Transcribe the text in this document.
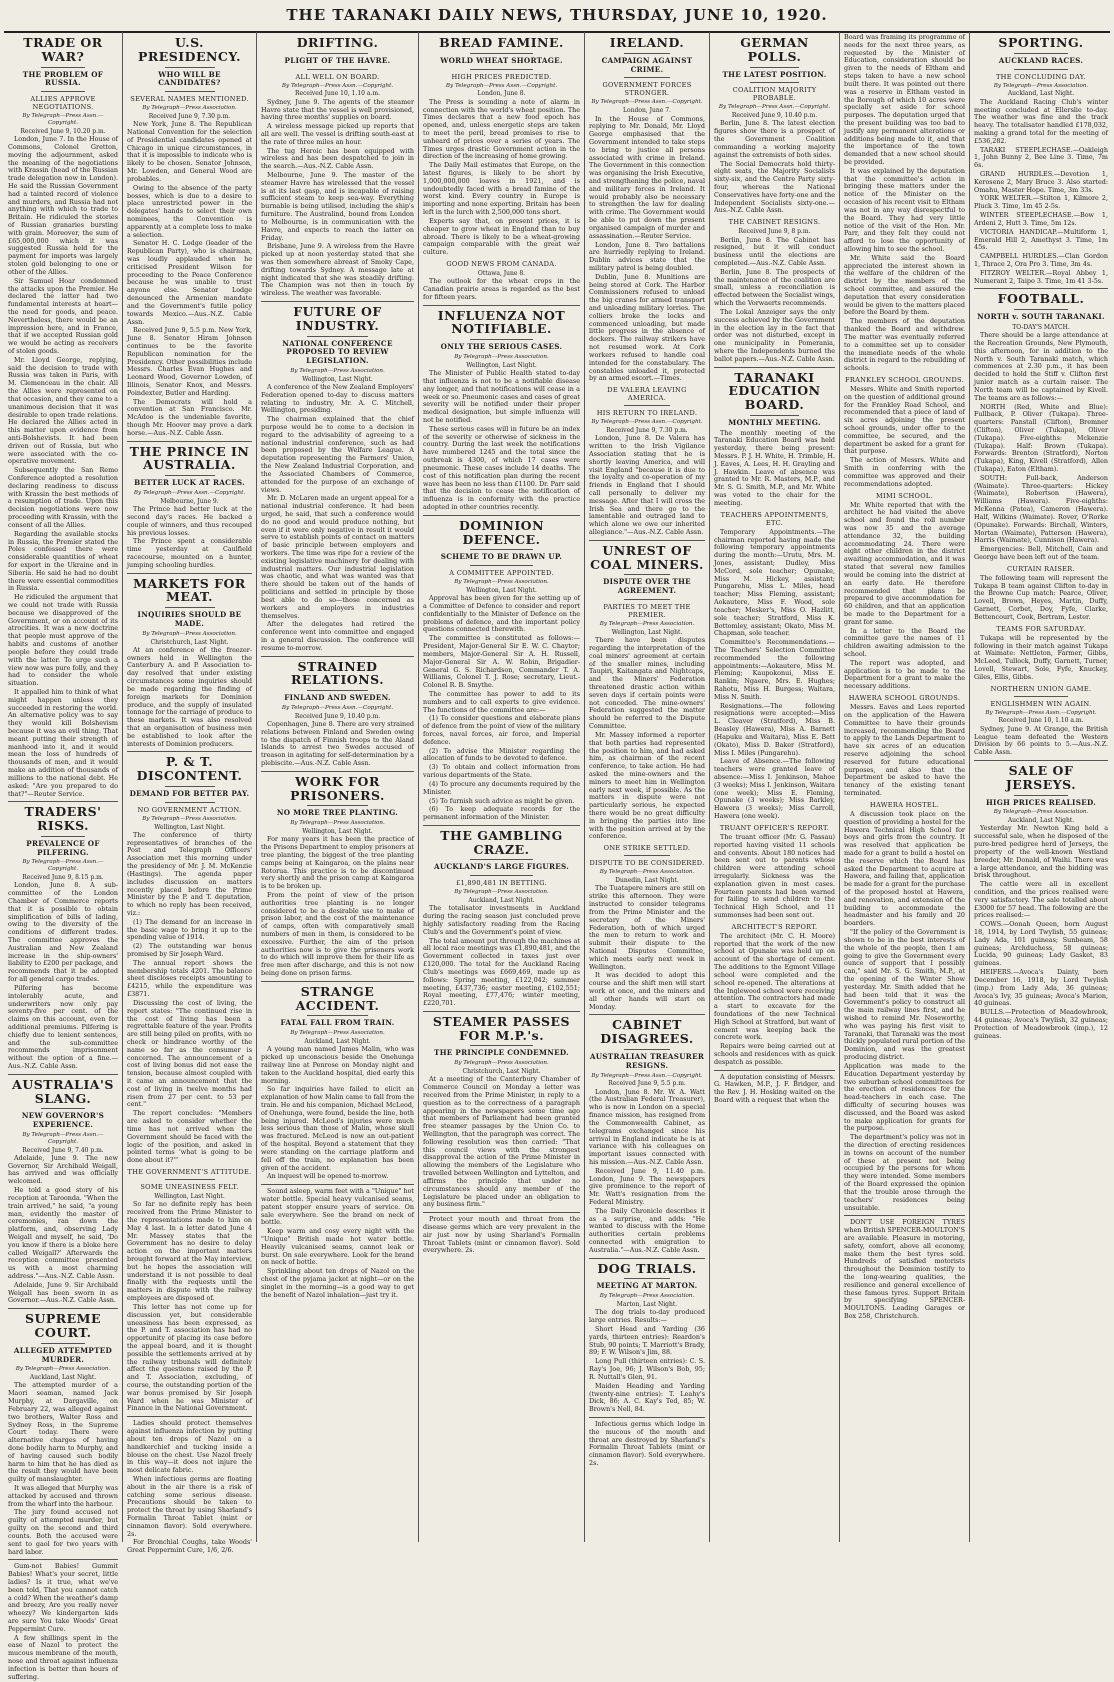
THE TARANAKI DAILY NEWS, THURSDAY, JUNE 10, 1920.
TRADE OR WAR?
THE PROBLEM OF RUSSIA.
ALLIES APPROVE NEGOTIATIONS.
By Telegraph—Press Assn.—Copyright.
Received June 9, 10.20 p.m.

London, June 7. In the House of Commons, Colonel Gretton, moving the adjournment, asked the meaning of the negotiations with Krassin (head of the Russian trade delegation now in London). He said the Russian Government had a tainted record of violence and murders, and Russia had not anything with which to trade to Britain. He ridiculed the stories of Russian granaries bursting with grain. Moreover, the sum of £65,000,000 which it was suggested Russia held for the payment for imports was largely stolen gold belonging to one or other of the Allies.

Sir Samuel Hoar condemned the attacks upon the Premier. He declared the latter had two fundamental interests at heart—the need for goods, and peace. Nevertheless, there would be an impression here, and in France, that if we accepted Russian gold we would be acting as receivers of stolen goods.

Mr. Lloyd George, replying, said the decision to trade with Russia was taken in Paris, with M. Clemenceau in the chair. All the Allies were represented on that occasion, and they came to a unanimous decision that it was desirable to open trade relations. He declared the Allies acted in this matter upon evidence from anti-Bolshevists. It had been driven out of Russia, but who were associated with the co-operative movement.

Subsequently the San Remo Conference adopted a resolution declaring readiness to discuss with Krassin the best methods of a resumption of trade. Upon this decision negotiations were now proceeding with Krassin, with the consent of all the Allies.

Regarding the available stocks in Russia, the Premier stated the Poles confessed there were considerable quantities of wheat for export in the Ukraine and in Siberia. He said he had no doubt there were essential commodities in Russia.

He ridiculed the argument that we could not trade with Russia because we disapproved of the Government, or on account of its atrocities. It was a new doctrine that people must approve of the habits and customs of another people before they could trade with the latter. To urge such a view now was pure folly, and they had to consider the whole situation.

It appalled him to think of what might happen unless they succeeded in restoring the world. An alternative policy was to say they would kill Bolshevism because it was an evil thing. That meant putting their strength of manhood into it, and it would mean the loss of hundreds of thousands of men, and it would make an addition of thousands of millions to the national debt. He asked: "Are you prepared to do that?"—Reuter Service.

TRADERS' RISKS.
PREVALENCE OF PILFERING.
By Telegraph—Press Assn.—Copyright.
Received June 9, 8.15 p.m.

London, June 8. A sub-committee of the London Chamber of Commerce reports that it is possible to obtain simplification of bills of lading, owing to the diversity of the conditions of different trades. The committee approves the Australian and New Zealand increase in the ship-owners' liability to £200 per package, and recommends that it be adopted for all general cargo trades.

Pilfering has become intolerably acute, and underwriters now only pay seventy-five per cent. of the claims on this account, even for additional premiums. Pilfering is chiefly due to lenient sentences, and the sub-committee recommends imprisonment without the option of a fine.—Aus.-N.Z. Cable Assn.

AUSTRALIA'S SLANG.
NEW GOVERNOR'S EXPERIENCE.
By Telegraph—Press Assn.—Copyright.
Received June 9, 7.40 p.m.

Adelaide, June 9. The new Governor, Sir Archibald Weigall, has arrived and was officially welcomed.

He told a good story of his reception at Taroonda. "When the train arrived," he said, "a young man, evidently the master of ceremonies, ran down the platform, and, observing Lady Weigall and myself, he said, 'Do you know if there is a bloke here called Weigall?' Afterwards the reception committee presented us with a most charming address."—Aus.-N.Z. Cable Assn.

Adelaide, June 9. Sir Archibald Weigall has been sworn in as Governor.—Aus.-N.Z. Cable Assn.

SUPREME COURT.
ALLEGED ATTEMPTED MURDER.
By Telegraph—Press Association.
Auckland, Last Night.

The attempted murder of a Maori seaman, named Jack Murphy, at Dargaville, on February 22, was alleged against two brothers, Walter Ross and Sydney Ross, in the Supreme Court today. There were alternative charges of having done bodily harm to Murphy, and of having caused such bodily harm to him that he has died as the result they would have been guilty of manslaughter.

It was alleged that Murphy was attacked by accused and thrown from the wharf into the harbour.

The jury found accused not guilty of attempted murder, but guilty on the second and third counts. Both the accused were sent to gaol for two years with hard labor.

Gum-not Babies! Gummit Babies! What's your secret, little ladies? Is it true, what we've been told, That you cannot catch a cold? When the weather's damp and breezy, Are you really never wheezy? We kindergarten kids are sure You take Woods' Great Peppermint Cure.

A few shillings spent in the ease of Nazol to protect the mucous membrane of the mouth, nose and throat against influenza infection is better than hours of suffering.

U.S. PRESIDENCY.
WHO WILL BE CANDIDATES?
SEVERAL NAMES MENTIONED.
By Telegraph—Press Association.
Received June 9, 7.30 p.m.

New York, June 8. The Republican National Convention for the selection of Presidential candidates opened at Chicago in unique circumstances, in that it is impossible to indicate who is likely to be chosen. Senator Johnson, Mr. Lowden, and General Wood are probables.

Owing to the absence of the party bosses, which is due to a desire to place unrestricted power in the delegates' hands to select their own nominees, the Convention is apparently at a complete loss to make a selection.

Senator H. C. Lodge (leader of the Republican Party), who is chairman, was loudly applauded when he criticised President Wilson for proceeding to the Peace Conference because he was unable to trust anyone else. Senator Lodge denounced the Armenian mandate and the Government's futile policy towards Mexico.—Aus.-N.Z. Cable Assn.

Received June 9, 5.5 p.m. New York, June 8. Senator Hiram Johnson continues to be the favorite Republican nomination for the Presidency. Other possibilities include Messrs. Charles Evan Hughes and Leonard Wood, Governor Lowden, of Illinois, Senator Knox, and Messrs. Poindexter, Butler and Harding.

The Democrats will hold a convention at San Francisco. Mr. McAdoo is the undeniable favorite, though Mr. Hoover may prove a dark horse.—Aus.-N.Z. Cable Assn.

THE PRINCE IN AUSTRALIA.
BETTER LUCK AT RACES.
By Telegraph—Press Assn.—Copyright.
Melbourne, June 9.

The Prince had better luck at the second day's races. He backed a couple of winners, and thus recouped his previous losses.

The Prince spent a considerable time yesterday at Caulfield racecourse, mounted on a hunter, jumping schooling hurdles.

MARKETS FOR MEAT.
INQUIRIES SHOULD BE MADE.
By Telegraph—Press Association.
Christchurch, Last Night.

At an conference of the freezer-owners held in Wellington the Canterbury A. and P. Association to-day resolved that under existing circumstances some inquiries should be made regarding the finding of foreign markets for Dominion produce, and the supply of insulated tonnage for the carriage of produce to these markets. It was also resolved that an organisation of business men be established to look after the interests of Dominion producers.

P. & T. DISCONTENT.
DEMAND FOR BETTER PAY.
NO GOVERNMENT ACTION.
By Telegraph—Press Association.
Wellington, Last Night.

The conference of thirty representatives of branches of the Post and Telegraph Officers' Association met this morning under the presidency of Mr. J. M. McKenzie (Hastings). The agenda paper includes discussion on matters recently placed before the Prime Minister by the P. and T. deputation, to which no reply has been received, viz.:

(1) The demand for an increase in the basic wage to bring it up to the spending value of 1914.

(2) The outstanding war bonus promised by Sir Joseph Ward.

The annual report shows the membership totals 4201. The balance sheet discloses receipts amounting to £4215, while the expenditure was £3871.

Discussing the cost of living, the report states: "The continued rise in the cost of living has been a regrettable feature of the year. Profits are still being piled on profits, with no check or hindrance worthy of the name so far as the consumer is concerned. The announcement of a cost of living bonus did not ease the tension, because almost coupled with it came an announcement that the cost of living in twelve months had risen from 27 per cent. to 53 per cent."

The report concludes: "Members are asked to consider whether the time has not arrived when the Government should be faced with the logic of the position, and asked in pointed terms 'what is going to be done about it?'"

THE GOVERNMENT'S ATTITUDE.
SOME UNEASINESS FELT.
Wellington, Last Night.

So far no definite reply has been received from the Prime Minister to the representations made to him on May 4 last. In a letter dated June 4 Mr. Massey states that the Government has no desire to delay action on the important matters brought forward at the May interview, but he hopes the association will understand it is not possible to deal finally with the requests until the matters in dispute with the railway employees are disposed of.

This letter has not come up for discussion yet, but considerable uneasiness has been expressed, as the P. and T. association has had no opportunity of placing its case before the appeal board, and it is thought possible the settlements arrived at by the railway tribunals will definitely affect the questions raised by the P. and T. Association, excluding, of course, the outstanding portion of the war bonus promised by Sir Joseph Ward when he was Minister of Finance in the National Government.

Ladies should protect themselves against influenza infection by putting about ten drops of Nazol on a handkerchief and tucking inside a blouse on the chest. Use Nazol freely in this way—it does not injure the most delicate fabric.

When infectious germs are floating about in the air there is a risk of catching some serious disease. Precautions should be taken to protect the throat by using Sharland's Formalin Throat Tablet (mint or cinnamon flavor). Sold everywhere. 2s.

For Bronchial Coughs, take Woods' Great Peppermint Cure, 1/6, 2/6.

DRIFTING.
PLIGHT OF THE HAVRE.
ALL WELL ON BOARD.
By Telegraph—Press Assn.—Copyright.
Received June 10, 1.10 a.m.

Sydney, June 9. The agents of the steamer Havre state that the vessel is well provisioned, having three months' supplies on board.

A wireless message picked up reports that all are well. The vessel is drifting south-east at the rate of three miles an hour.

The tug Heroic has been equipped with wireless and has been despatched to join in the search.—Aus.-N.Z. Cable Assn.

Melbourne, June 9. The master of the steamer Havre has wirelessed that the vessel is at its last gasp, and is incapable of raising sufficient steam to keep sea-way. Everything burnable is being utilised, including the ship's furniture. The Australind, bound from London to Melbourne, is in communication with the Havre, and expects to reach the latter on Friday.

Brisbane, June 9. A wireless from the Havre picked up at noon yesterday stated that she was then somewhere abreast of Smoky Cape, drifting towards Sydney. A message late at night indicated that she was steadily drifting. The Champion was not then in touch by wireless. The weather was favorable.

FUTURE OF INDUSTRY.
NATIONAL CONFERENCE PROPOSED TO REVIEW LEGISLATION.
By Telegraph—Press Association.
Wellington, Last Night.

A conference of the New Zealand Employers' Federation opened to-day to discuss matters relating to industry, Mr. A. C. Mitchell, Wellington, presiding.

The chairman explained that the chief purpose would be to come to a decision in regard to the advisability of agreeing to a national industrial conference, such as had been proposed by the Welfare League. A deputation representing the Farmers' Union, the New Zealand Industrial Corporation, and the Associated Chambers of Commerce, attended for the purpose of an exchange of views.

Mr. D. McLaren made an urgent appeal for a national industrial conference. It had been urged, he said, that such a conference would do no good and would produce nothing, but even if it were only negative in result it would serve to establish points of contact on matters of basic principle between employers and workers. The time was ripe for a review of the existing legislative machinery for dealing with industrial matters. Our industrial legislation was chaotic, and what was wanted was that there should be taken out of the hands of politicians and settled in principle by those best able to do so—those concerned as workers and employers in industries themselves.

After the delegates had retired the conference went into committee and engaged in a general discussion. The conference will resume to-morrow.

STRAINED RELATIONS.
FINLAND AND SWEDEN.
By Telegraph—Press Assn.—Copyright.
Received June 9, 10.40 p.m.

Copenhagen, June 8. There are very strained relations between Finland and Sweden owing to the dispatch of Finnish troops to the Aland Islands to arrest two Swedes accused of treason in agitating for self-determination by a plebiscite.—Aus.-N.Z. Cable Assn.

WORK FOR PRISONERS.
NO MORE TREE PLANTING.
By Telegraph—Press Association.
Wellington, Last Night.

For many years it has been the practice of the Prisons Department to employ prisoners at tree planting, the biggest of the tree planting camps being at Kaingaroa, on the plains near Rotorua. This practice is to be discontinued very shortly and the prison camp at Kaingaroa is to be broken up.

From the point of view of the prison authorities tree planting is no longer considered to be a desirable use to make of prison labor, and the cost of the maintenance of camps, often with comparatively small numbers of men in them, is considered to be excessive. Further, the aim of the prison authorities now is to give the prisoners work to do which will improve them for their life as free men after discharge, and this is not now being done on prison farms.

STRANGE ACCIDENT.
FATAL FALL FROM TRAIN.
By Telegraph—Press Association.
Auckland, Last Night.

A young man named James Malin, who was picked up unconscious beside the Onehunga railway line at Penrose on Monday night and taken to the Auckland hospital, died early this morning.

So far inquiries have failed to elicit an explanation of how Malin came to fall from the train. He and his companion, Michael McLeod, of Onehunga, were found, beside the line, both being injured. McLeod's injuries were much less serious than those of Malin, whose skull was fractured. McLeod is now an out-patient of the hospital. Beyond a statement that they were standing on the carriage platform and fell off the train, no explanation has been given of the accident.

An inquest will be opened to-morrow.

Sound asleep, warm feet with a "Unique" hot water bottle. Special heavy vulcanised seams, patent stopper ensure years of service. On sale everywhere. See the brand on neck of bottle.

Keep warm and cosy every night with the "Unique" British made hot water bottle. Heavily vulcanised seams, cannot leak or burst. On sale everywhere. Look for the brand on neck of bottle.

Sprinkling about ten drops of Nazol on the chest of the pyjama jacket at night—or on the singlet in the morning—is a good way to get the benefit of Nazol inhalation—just try it.

BREAD FAMINE.
WORLD WHEAT SHORTAGE.
HIGH PRICES PREDICTED.
By Telegraph—Press Assn.—Copyright.
London, June 8.

The Press is sounding a note of alarm in connection with the world's wheat position. The Times declares that a new food epoch has opened, and, unless energetic steps are taken to meet the peril, bread promises to rise to unheard of prices over a series of years. The Times urges drastic Government action in the direction of the increasing of home growing.

The Daily Mail estimates that Europe, on the latest figures, is likely to be short by 1,000,000,000 loaves in 1921, and is undoubtedly faced with a bread famine of the worst kind. Every country in Europe is importing and none exporting. Britain has been left in the lurch with 2,500,000 tons short.

Experts say that, on present prices, it is cheaper to grow wheat in England than to buy abroad. There is likely to be a wheat-growing campaign comparable with the great war culture.

GOOD NEWS FROM CANADA.
Ottawa, June 8.

The outlook for the wheat crops in the Canadian prairie areas is regarded as the best for fifteen years.

INFLUENZA NOT NOTIFIABLE.
ONLY THE SERIOUS CASES.
By Telegraph—Press Association.
Wellington, Last Night.

The Minister of Public Health stated to-day that influenza is not to be a notifiable disease any longer, and that notifications will cease in a week or so. Pneumonic cases and cases of great severity will be notified under their proper medical designation, but simple influenza will not be notified.

These serious cases will in future be an index of the severity or otherwise of sickness in the country. During the last week the notifications have numbered 1245 and the total since the outbreak is 4300, of which 17 cases were pneumonic. These cases include 14 deaths. The cost of this notification plan during the recent wave has been no less than £1100. Dr. Parr said that the decision to cease the notification of influenza is in conformity with the practice adopted in other countries recently.

DOMINION DEFENCE.
SCHEME TO BE DRAWN UP.
A COMMITTEE APPOINTED.
By Telegraph—Press Association.
Wellington, Last Night.

Approval has been given for the setting up of a Committee of Defence to consider and report confidentially to the Minister of Defence on the problems of defence, and the important policy questions connected therewith.

The committee is constituted as follows:—President, Major-General Sir E. W. C. Chaytor; members, Major-General Sir A. H. Russell, Major-General Sir A. W. Robin, Brigadier-General G. S. Richardson, Commander T. A. Williams, Colonel T. J. Rose; secretary, Lieut.-Colonel R. B. Smythe.

The committee has power to add to its numbers and to call experts to give evidence. The functions of the committee are:—

(1) To consider questions and elaborate plans of defence from the point of view of the military forces, naval forces, air force, and Imperial defence.

(2) To advise the Minister regarding the allocation of funds to be devoted to defence.

(3) To obtain and collect information from various departments of the State.

(4) To procure any documents required by the Minister.

(5) To furnish such advice as might be given.

(6) To keep adequate records for the permanent information of the Minister.

THE GAMBLING CRAZE.
AUCKLAND'S LARGE FIGURES.
£1,890,481 IN BETTING.
By Telegraph—Press Association.
Auckland, Last Night.

The totalisator investments in Auckland during the racing season just concluded prove highly satisfactory reading from the Racing Club's and the Government's point of view.

The total amount put through the machines at all local race meetings was £1,890,481, and the Government collected in taxes just over £120,000. The total for the Auckland Racing Club's meetings was £669,469, made up as follows: Spring meeting, £122,042; summer meeting, £437,736; easter meeting, £102,551; Royal meeting, £77,476; winter meeting, £220,701.

STEAMER PASSES FOR M.P.'s.
THE PRINCIPLE CONDEMNED.
By Telegraph—Press Association.
Christchurch, Last Night.

At a meeting of the Canterbury Chamber of Commerce Council on Monday a letter was received from the Prime Minister, in reply to a question as to the correctness of a paragraph appearing in the newspapers some time ago that members of Parliament had been granted free steamer passages by the Union Co. to Wellington, that the paragraph was correct. The following resolution was then carried: "That this council views with the strongest disapproval the action of the Prime Minister in allowing the members of the Legislature who travelled between Wellington and Lyttelton, and affirms the principle that under no circumstances should any member of the Legislature be placed under an obligation to any business firm."

Protect your mouth and throat from the disease germs which are very prevalent in the air just now by using Sharland's Formalin Throat Tablets (mint or cinnamon flavor). Sold everywhere. 2s.

IRELAND.
CAMPAIGN AGAINST CRIME.
GOVERNMENT FORCES STRONGER.
By Telegraph—Press Assn.—Copyright.
London, June 7.

In the House of Commons, replying to Mr. Donald, Mr. Lloyd George emphasised that the Government intended to take steps to bring to justice all persons associated with crime in Ireland. The Government in this connection was organising the Irish Executive, and strengthening the police, naval and military forces in Ireland. It would probably also be necessary to strengthen the law for dealing with crime. The Government would be able to put down the present organised campaign of murder and assassination.—Reuter Service.

London, June 8. Two battalions are hurriedly replying to Ireland. Dublin advices state that the military patrol is being doubled.

Dublin, June 8. Munitions are being stored at Cork. The Harbor Commissioners refused to unload the big cranes for armed transport and unloading military lorries. The colliers broke the locks and commenced unloading, but made little progress in the absence of dockers. The railway strikers have not resumed work. At Cork workers refused to handle coal intended for the constabulary. The constables unloaded it, protected by an armed escort.—Times.

DE VALERA LEAVING AMERICA.
HIS RETURN TO IRELAND.
By Telegraph—Press Assn.—Copyright.
Received June 9, 7.30 p.m.

London, June 8. De Valera has written to the Irish Vigilance Association stating that he is shortly leaving America, and will visit England "because it is due to the loyalty and co-operation of my friends in England that I should call personally to deliver my message. After that I will cross the Irish Sea and there go to the lamentable and outraged land to which alone we owe our inherited allegiance."—Aus.-N.Z. Cable Assn.

UNREST OF COAL MINERS.
DISPUTE OVER THE AGREEMENT.
PARTIES TO MEET THE PREMIER.
By Telegraph—Press Association.
Wellington, Last Night.

There have been disputes regarding the interpretation of the coal miners' agreement at certain of the smaller mines, including Taupiri, Kaitangata and Nightcaps, and the Miners' Federation threatened drastic action within seven days if certain points were not conceded. The mine-owners' Federation suggested the matter should be referred to the Dispute Committee.

Mr. Massey informed a reporter that both parties had represented the position to him, and had asked him, as chairman of the recent conference, to take action. He had asked the mine-owners and the miners to meet him in Wellington early next week, if possible. As the matters in dispute were not particularly serious, he expected there would be no great difficulty in bringing the parties into line with the position arrived at by the conference.

ONE STRIKE SETTLED.
DISPUTE TO BE CONSIDERED.
By Telegraph—Press Association.
Dunedin, Last Night.

The Tuatapere miners are still on strike this afternoon. They were instructed to consider telegrams from the Prime Minister and the secretary of the Miners' Federation, both of which urged the men to return to work and submit their dispute to the National Disputes Committee, which meets early next week in Wellington.

It was decided to adopt this course and the shift men will start work at once, and the miners and all other hands will start on Monday.

CABINET DISAGREES.
AUSTRALIAN TREASURER RESIGNS.
By Telegraph—Press Assn.—Copyright.
Received June 9, 5.5 p.m.

London, June 8. Mr. W. A. Watt (the Australian Federal Treasurer), who is now in London on a special finance mission, has resigned from the Commonwealth Cabinet, as telegrams exchanged since his arrival in England indicate he is at variance with his colleagues on important issues connected with his mission.—Aus.-N.Z. Cable Assn.

Received June 9, 11.40 p.m. London, June 9. The newspapers give prominence to the report of Mr. Watt's resignation from the Federal Ministry.

The Daily Chronicle describes it as a surprise, and adds: "He wanted to discuss with the Home authorities certain problems connected with emigration to Australia."—Aus.-N.Z. Cable Assn.

DOG TRIALS.
MEETING AT MARTON.
By Telegraph—Press Association.
Marton, Last Night.

The dog trials to-day produced large entries. Results:—

Short Head and Yarding (36 yards, thirteen entries): Reardon's Stub, 90 points; T. Marriott's Brady, 89; F. W. Wilson's Jim, 88.

Long Pull (thirteen entries): C. S. Ray's Joe, 96; J. Wilson's Bob, 95; R. Nuttall's Glen, 91.

Maiden Heading and Yarding (twenty-nine entries): T. Leahy's Dick, 86; A. C. Kay's Ted, 85; W. Brown's Nell, 84.

Infectious germs which lodge in the mucous of the mouth and throat are destroyed by Sharland's Formalin Throat Tablets (mint or cinnamon flavor). Sold everywhere. 2s.

GERMAN POLLS.
THE LATEST POSITION.
COALITION MAJORITY PROBABLE.
By Telegraph—Press Assn.—Copyright.
Received June 9, 10.40 p.m.

Berlin, June 8. The latest election figures show there is a prospect of the Government Coalition commanding a working majority against the extremists of both sides.

The Social Democrats hold thirty-eight seats, the Majority Socialists sixty-six, and the Centre Party sixty-four, whereas the National Conservatives have forty-one and the Independent Socialists sixty-one.—Aus.-N.Z. Cable Assn.

THE CABINET RESIGNS.
Received June 9, 8 p.m.

Berlin, June 8. The Cabinet has resigned, but it will conduct business until the elections are completed.—Aus.-N.Z. Cable Assn.

Berlin, June 8. The prospects of the maintenance of the coalition are small, unless a reconciliation is effected between the Socialist wings, which the Vorwaerts recommends.

The Lokal Anzeiger says the only success achieved by the Government in the election lay in the fact that order was not disturbed, except in one municipality in Pomerania, where the Independents burned the ballot papers.—Aus.-N.Z. Cable Assn.

TARANAKI EDUCATION BOARD.
MONTHLY MEETING.

The monthly meeting of the Taranaki Education Board was held yesterday, there being present: Messrs. P. J. H. White, H. Trimble, H. J. Eaves, A. Lees, H. H. Grayling and J. Hawkin. Leave of absence was granted to Mr. R. Masters, M.P., and Mr. S. G. Smith, M.P., and Mr. White was voted to the chair for the meeting.

TEACHERS APPOINTMENTS, ETC.

Temporary Appointments.—The chairman reported having made the following temporary appointments during the month:—Urutu, Mrs. M. Jones, assistant; Dudley, Miss McCord, sole teacher; Opunake, Miss M. Hickey, assistant; Pungarehu, Miss L. Miles, head teacher; Miss Fleming, assistant; Aokautere, Miss F. Wood, sole teacher; Mesker's, Miss O. Hazlitt, sole teacher; Stratford, Miss K. Bottomley, assistant; Okato, Miss M. Chapman, sole teacher.

Committee's Recommendations.—The Teachers' Selection Committee recommended the following appointments:—Aokautere, Miss M. Fleming; Kaupokonui, Miss E. Rankin; Ngaere, Mrs. E. Hughes; Rahotu, Miss H. Burgess; Waitara, Miss N. Smith.

Resignations.—The following resignations were accepted:—Miss L. Cleaver (Stratford), Miss B. Beasley (Hawera), Miss A. Barnett (Hapuku and Waitara), Miss E. Bett (Okato), Miss D. Baker (Stratford), Miss I. Miles (Pungarehu).

Leave of Absence.—The following teachers were granted leave of absence:—Miss I. Jenkinson, Mahoe (3 weeks); Miss I. Jenkinson, Waitara (one week); Miss E. Fleming, Opunake (3 weeks); Miss Barkley, Hawera (3 weeks); Miss Carroll, Hawera (one week).

TRUANT OFFICER'S REPORT.

The truant officer (Mr. G. Passau) reported having visited 11 schools and convents. About 180 notices had been sent out to parents whose children were attending school irregularly. Sickness was the explanation given in most cases. Fourteen parents had been warned for failing to send children to the Technical High School, and 11 summonses had been sent out.

ARCHITECT'S REPORT.

The architect (Mr. C. H. Moore) reported that the work of the new school at Opunake was held up on account of the shortage of cement. The additions to the Egmont Village school were completed and the school re-opened. The alterations at the Inglewood school were receiving attention. The contractors had made a start to excavate for the foundations of the new Technical High School at Stratford, but want of cement was keeping back the concrete work.

Repairs were being carried out at schools and residences with as quick despatch as possible.

A deputation consisting of Messrs. G. Hawken, M.P., J. F. Bridger, and the Rev. J. H. Hosking waited on the Board with a request that when the

Board was framing its programme of needs for the next three years, as requested by the Minister of Education, consideration should be given to the needs of Eltham and steps taken to have a new school built there. It was pointed out there was a reserve in Eltham vested in the Borough of which 10 acres were specially set aside for school purposes. The deputation urged that the present building was too bad to justify any permanent alterations or additions being made to it, and that the importance of the town demanded that a new school should be provided.

It was explained by the deputation that the committee's action in bringing these matters under the notice of the Minister on the occasion of his recent visit to Eltham was not in any way disrespectful to the Board. They had very little notice of the visit of the Hon. Mr. Parr, and they felt they could not afford to lose the opportunity of allowing him to see the school.

Mr. White said the Board appreciated the interest shown in the welfare of the children of the district by the members of the school committee, and assured the deputation that every consideration would be given to the matters placed before the Board by them.

The members of the deputation thanked the Board and withdrew. The matter was eventually referred to a committee set up to consider the immediate needs of the whole district in regard to the rebuilding of schools.

FRANKLEY SCHOOL GROUNDS.

Messrs. White and Smith reported on the question of additional ground for the Frankley Road School, and recommended that a piece of land of six acres adjoining the present school grounds, under offer to the committee, be secured, and the department be asked for a grant for that purpose.

The action of Messrs. White and Smith in conferring with the committee was approved and their recommendations adopted.

MIMI SCHOOL.

Mr. White reported that with the architect he had visited the above school and found the roll number was now 35 and the average attendance 32, the building accommodating 24. There were eight other children in the district awaiting accommodation, and it was stated that several new families would be coming into the district at an early date. He therefore recommended that plans be prepared to give accommodation for 60 children, and that an application be made to the Department for a grant for same.

In a letter to the Board the committee gave the names of 11 children awaiting admission to the school.

The report was adopted, and application is to be made to the Department for a grant to make the necessary additions.

HAWERA SCHOOL GROUNDS.

Messrs. Eaves and Lees reported on the application of the Hawera Committee to have their grounds increased, recommending the Board to apply to the Lands Department to have six acres of an education reserve adjoining the school reserved for future educational purposes, and also that the Department be asked to have the tenancy of the existing tenant terminated.

HAWERA HOSTEL.

A discussion took place on the question of providing a hostel for the Hawera Technical High School for boys and girls from the country. It was resolved that application be made for a grant to build a hostel on the reserve which the Board has asked the Department to acquire at Hawera, and failing that, application be made for a grant for the purchase of the proposed hostel at Hawera, and renovation, and extension of the building to accommodate the headmaster and his family and 20 boarders.

"If the policy of the Government is shown to be in the best interests of the whole of the people, then I am going to give the Government every ounce of support that I possibly can," said Mr. S. G. Smith, M.P., at the opening of the Winter Show yesterday. Mr. Smith added that he had been told that it was the Government's policy to construct all the main railway lines first, and he wished to remind Mr. Noseworthy, who was paying his first visit to Taranaki, that Taranaki was the most thickly populated rural portion of the Dominion, and was the greatest producing district.

Application was made to the Education Department yesterday by two suburban school committees for the erection of residences for the head-teachers in each case. The difficulty of securing houses was discussed, and the Board was asked to make application for grants for the purpose.

The department's policy was not in the direction of erecting residences in towns on account of the number of these at present not being occupied by the persons for whom they were intended. Some members of the Board expressed the opinion that the trouble arose through the teachers' residences being unsuitable.

DON'T USE FOREIGN TYRES when British SPENCER-MOULTON'S are available. Pleasure in motoring, safety, comfort, above all economy, make them the best tyres sold. Hundreds of satisfied motorists throughout the Dominion testify to the long-wearing qualities, the resilience and general excellence of these famous tyres. Support Britain by specifying SPENCER-MOULTONS. Leading Garages or Box 258, Christchurch.

SPORTING.
AUCKLAND RACES.
THE CONCLUDING DAY.
By Telegraph—Press Association.
Auckland, Last Night.

The Auckland Racing Club's winter meeting concluded at Ellerslie to-day. The weather was fine and the track heavy. The totalisator handled £178,032, making a grand total for the meeting of £536,282.

TARAKI STEEPLECHASE.—Oakleigh 1, John Bunny 2, Bee Line 3. Time, 7m 6s.

GRAND HURDLES.—Devotion 1, Kerosene 2, Mary Bruce 3. Also started: Omahu, Master Hope. Time, 3m 33s.

YORK WELTER.—Stilton 1, Kilmore 2, Pluck 3. Time, 1m 45 2-5s.

WINTER STEEPLECHASE.—Bow 1, Ardeni 2, Hutt 3. Time, 5m 12s.

VICTORIA HANDICAP.—Multiform 1, Emerald Hill 2, Amethyst 3. Time, 1m 45s.

CAMPBELL HURDLES.—Clan Gordon 1, Thrace 2, Ora Pro 3. Time, 3m 4s.

FITZROY WELTER.—Royal Abbey 1, Numerant 2, Taipo 3. Time, 1m 41 3-5s.

FOOTBALL.
NORTH v. SOUTH TARANAKI.
TO-DAY'S MATCH.

There should be a large attendance at the Recreation Grounds, New Plymouth, this afternoon, for in addition to the North v. South Taranaki match, which commences at 2.30 p.m., it has been decided to hold the Stiff v. Clifton first junior match as a curtain raiser. The North team will be captained by Kivell. The teams are as follows:—

NORTH (Red, White and Blue): Fullback, P. Oliver (Tukapa). Three-quarters: Panstall (Clifton), Bremner (Clifton), Oliver (Tukapa), Oliver (Tukapa). Five-eighths: Mckenzie (Tukapa). Half: Brown (Tukapa). Forwards: Brenton (Stratford), Norton (Tukapa), King, Kivell (Stratford), Allen (Tukapa), Eaton (Eltham).

SOUTH: Full-back, Anderson (Waimate). Three-quarters: Hickey (Waimate), Robertson (Hawera), Williams (Hawera). Five-eighths: McKenna (Patea), Cameron (Hawera). Half, Wilkins (Waimate). Rover, O'Rorke (Opunake). Forwards: Birchall, Winters, Mortan (Waimate), Patterson (Hawera), Harris (Waimate), Cunnison (Hawera).

Emergencies: Bell, Mitchell, Cain and George have been left out of the team.

CURTAIN RAISER.

The following team will represent the Tukapa B team against Clifton to-day in the Browne Cup match: Pearce, Oliver, Lovell, Brown, Heyes, Martin, Duffy, Garnett, Corbet, Doy, Fyfe, Clarke, Bettencourt, Cook, Bertram, Lester.

TEAMS FOR SATURDAY.

Tukapa will be represented by the following in their match against Tukapa at Waimate: Nettleton, Farmer, Gibbs, McLeod, Tullock, Duffy, Garnett, Turner, Lovell, Stewart, Sole, Fyfe, Knuckey, Giles, Ellis, Gibbs.

NORTHERN UNION GAME.
ENGLISHMEN WIN AGAIN.
By Telegraph—Press Assn.—Copyright.
Received June 10, 1.10 a.m.

Sydney, June 9. At Grange, the British League team defeated the Western Division by 66 points to 5.—Aus.-N.Z. Cable Assn.

SALE OF JERSEYS.
HIGH PRICES REALISED.
By Telegraph—Press Association.
Auckland, Last Night.

Yesterday Mr. Newton King held a successful sale, when he disposed of the pure-bred pedigree herd of Jerseys, the property of the well-known Westland breeder, Mr. Donald, of Waihi. There was a large attendance, and the bidding was brisk throughout.

The cattle were all in excellent condition, and the prices realised were very satisfactory. The sale totalled about £3000 for 57 head. The following are the prices realised:—

COWS.—Oonah Queen, born August 18, 1914, by Lord Twylish, 55 guineas; Lady Ada, 101 guineas; Sunbeam, 58 guineas; Archduchess, 58 guineas; Lucida, 90 guineas; Lady Gasket, 83 guineas.

HEIFERS.—Avoca's Dainty, born December 16, 1918, by Lord Twylish (imp.) from Lady Ada, 36 guineas; Avoca's Ivy, 35 guineas; Avoca's Marion, 40 guineas.

BULLS.—Protection of Meadowbrook, 44 guineas; Avoca's Twylish, 32 guineas; Protection of Meadowbrook (imp.), 12 guineas.
